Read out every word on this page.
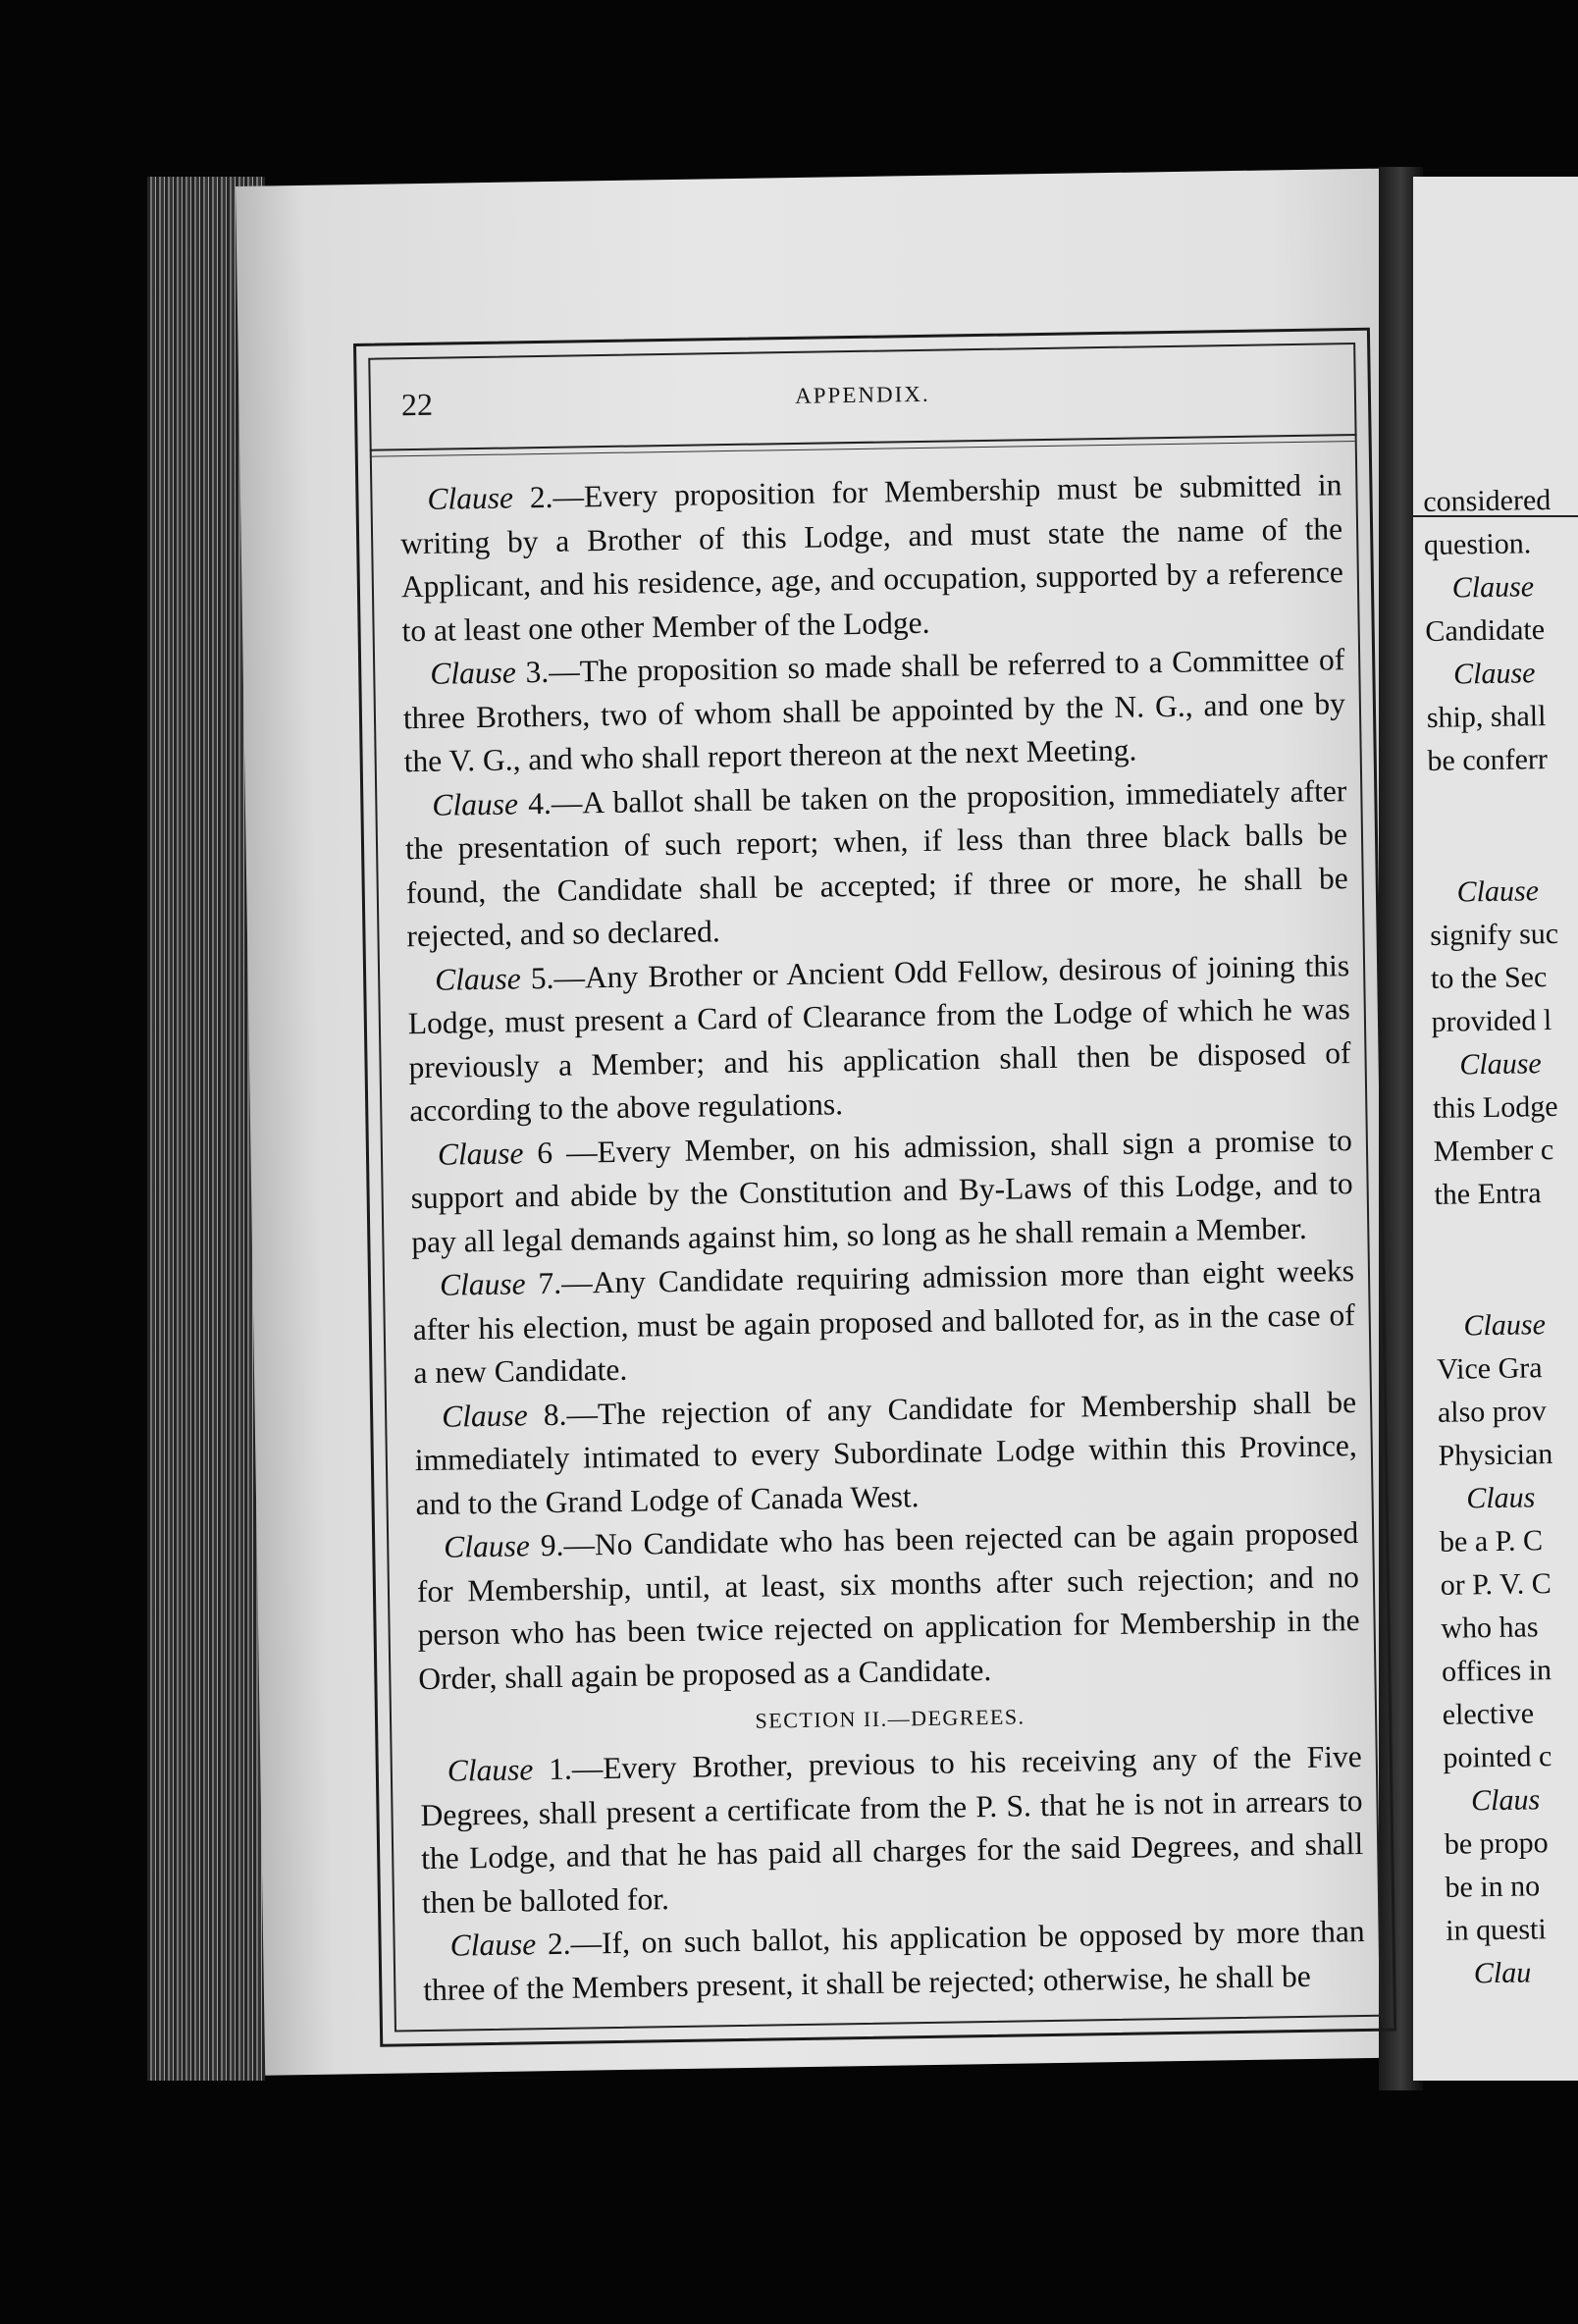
considered
question.
Clause
Candidate
Clause
ship, shall
be conferr
Clause
signify suc
to the Sec
provided l
Clause
this Lodge
Member c
the Entra
Clause
Vice Gra
also prov
Physician
Claus
be a P. C
or P. V. C
who has
offices in
elective
pointed c
Claus
be propo
be in no
in questi
Clau
22	APPENDIX.

Clause 2.—Every proposition for Membership must be submitted in writing by a Brother of this Lodge, and must state the name of the Applicant, and his residence, age, and occupation, supported by a reference to at least one other Member of the Lodge.

Clause 3.—The proposition so made shall be referred to a Committee of three Brothers, two of whom shall be appointed by the N. G., and one by the V. G., and who shall report thereon at the next Meeting.

Clause 4.—A ballot shall be taken on the proposition, immediately after the presentation of such report; when, if less than three black balls be found, the Candidate shall be accepted; if three or more, he shall be rejected, and so declared.

Clause 5.—Any Brother or Ancient Odd Fellow, desirous of joining this Lodge, must present a Card of Clearance from the Lodge of which he was previously a Member; and his application shall then be disposed of according to the above regulations.

Clause 6 —Every Member, on his admission, shall sign a promise to support and abide by the Constitution and By-Laws of this Lodge, and to pay all legal demands against him, so long as he shall remain a Member.

Clause 7.—Any Candidate requiring admission more than eight weeks after his election, must be again proposed and balloted for, as in the case of a new Candidate.

Clause 8.—The rejection of any Candidate for Membership shall be immediately intimated to every Subordinate Lodge within this Province, and to the Grand Lodge of Canada West.

Clause 9.—No Candidate who has been rejected can be again proposed for Membership, until, at least, six months after such rejection; and no person who has been twice rejected on application for Membership in the Order, shall again be proposed as a Candidate.

SECTION II.—DEGREES.

Clause 1.—Every Brother, previous to his receiving any of the Five Degrees, shall present a certificate from the P. S. that he is not in arrears to the Lodge, and that he has paid all charges for the said Degrees, and shall then be balloted for.

Clause 2.—If, on such ballot, his application be opposed by more than three of the Members present, it shall be rejected; otherwise, he shall be
